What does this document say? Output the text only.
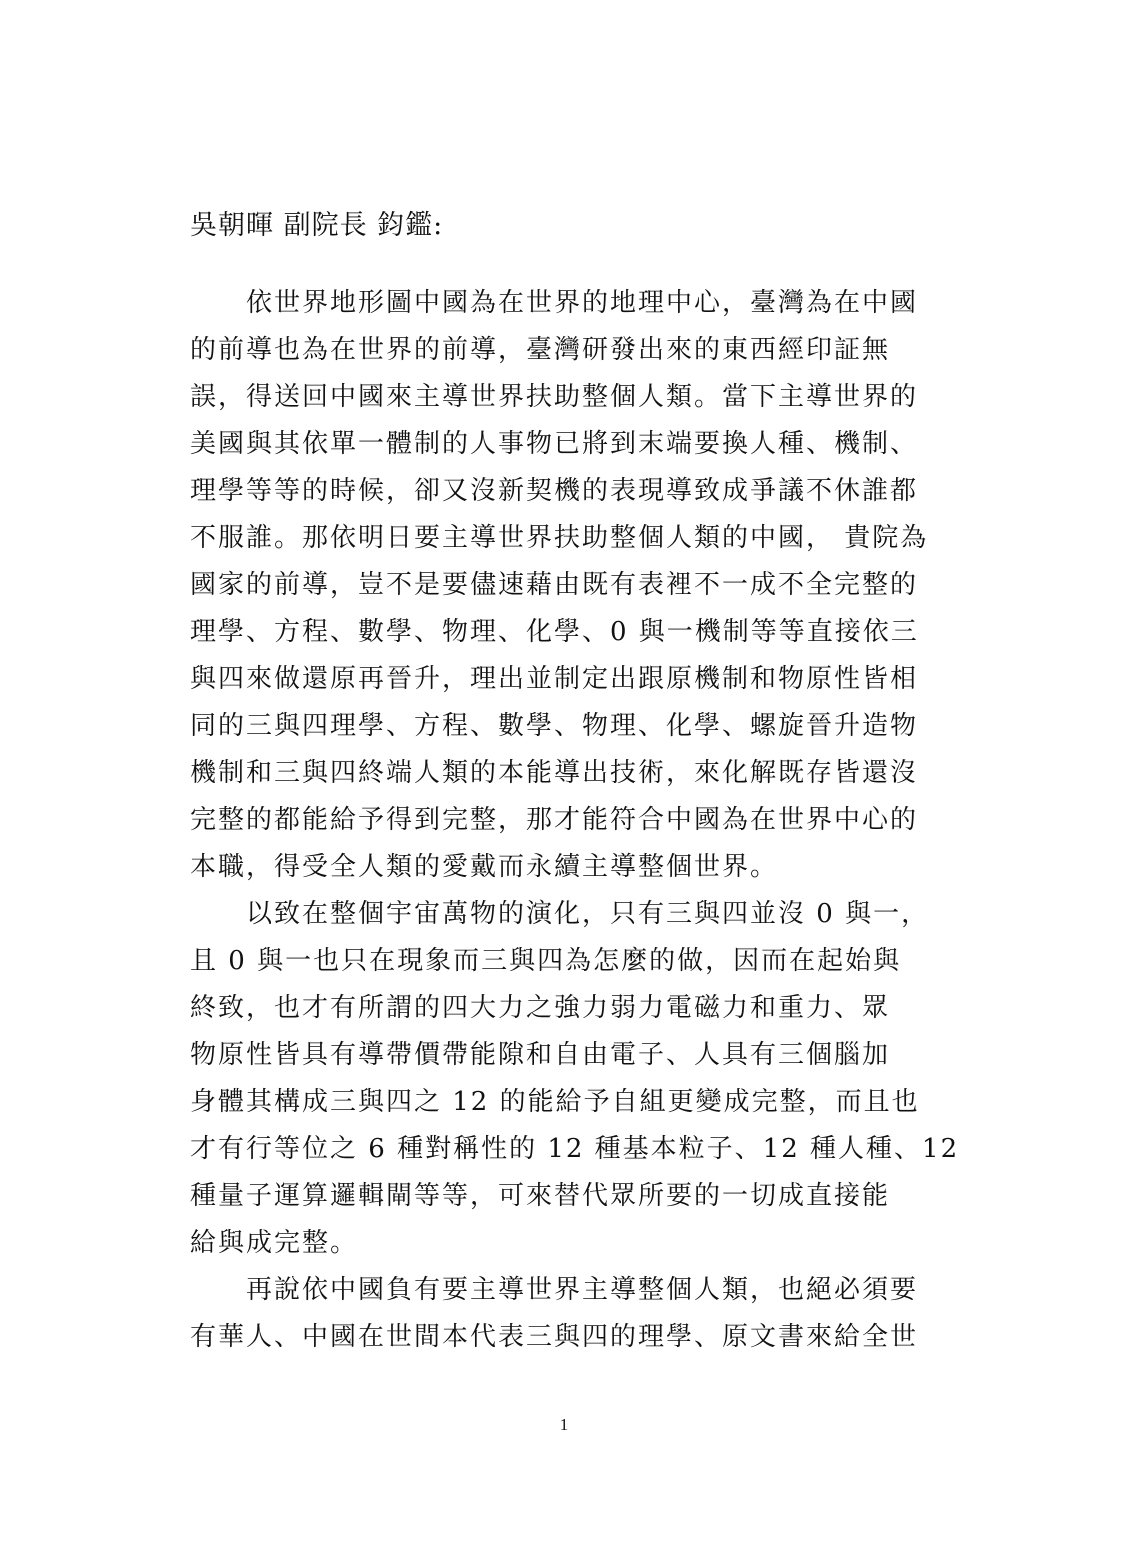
吳朝暉 副院長 鈞鑑:
依世界地形圖中國為在世界的地理中心，臺灣為在中國
的前導也為在世界的前導，臺灣研發出來的東西經印証無
誤，得送回中國來主導世界扶助整個人類。當下主導世界的
美國與其依單一體制的人事物已將到末端要換人種、機制、
理學等等的時候，卻又沒新契機的表現導致成爭議不休誰都
不服誰。那依明日要主導世界扶助整個人類的中國， 貴院為
國家的前導，豈不是要儘速藉由既有表裡不一成不全完整的
理學、方程、數學、物理、化學、0 與一機制等等直接依三
與四來做還原再晉升，理出並制定出跟原機制和物原性皆相
同的三與四理學、方程、數學、物理、化學、螺旋晉升造物
機制和三與四終端人類的本能導出技術，來化解既存皆還沒
完整的都能給予得到完整，那才能符合中國為在世界中心的
本職，得受全人類的愛戴而永續主導整個世界。
以致在整個宇宙萬物的演化，只有三與四並沒 0 與一，
且 0 與一也只在現象而三與四為怎麼的做，因而在起始與
終致，也才有所謂的四大力之強力弱力電磁力和重力、眾
物原性皆具有導帶價帶能隙和自由電子、人具有三個腦加
身體其構成三與四之 12 的能給予自組更變成完整，而且也
才有行等位之 6 種對稱性的 12 種基本粒子、12 種人種、12
種量子運算邏輯閘等等，可來替代眾所要的一切成直接能
給與成完整。
再說依中國負有要主導世界主導整個人類，也絕必須要
有華人、中國在世間本代表三與四的理學、原文書來給全世
1
